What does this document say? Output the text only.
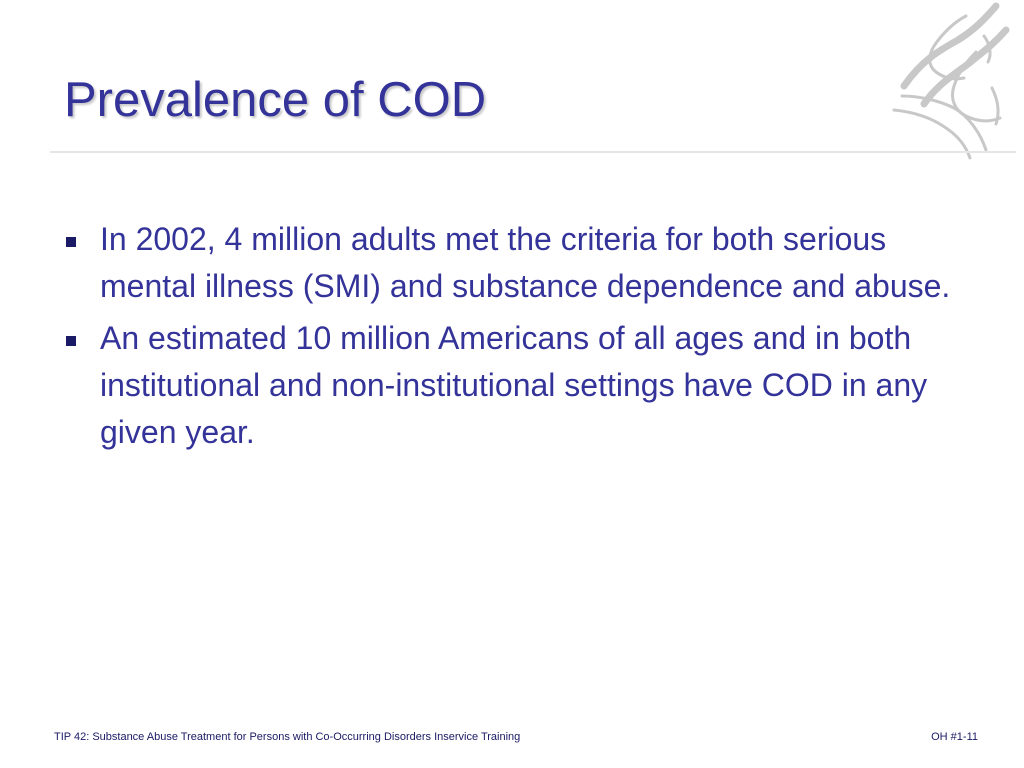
Prevalence of COD
In 2002, 4 million adults met the criteria for both serious mental illness (SMI) and substance dependence and abuse.
An estimated 10 million Americans of all ages and in both institutional and non-institutional settings have COD in any given year.
TIP 42: Substance Abuse Treatment for Persons with Co-Occurring Disorders Inservice Training	OH #1-11
